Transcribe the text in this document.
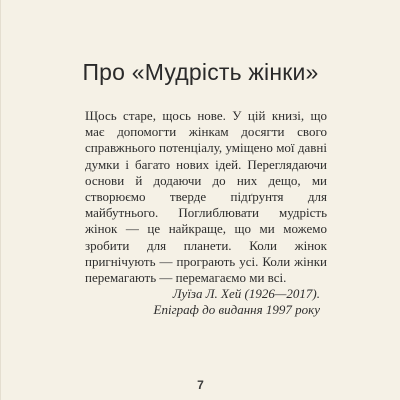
Про «Мудрість жінки»

Щось старе, щось нове. У цій книзі, що має допомогти жінкам досягти свого справжнього потенціалу, уміщено мої давні думки і багато нових ідей. Переглядаючи основи й додаючи до них дещо, ми створюємо тверде підґрунтя для майбутнього. Поглиблювати мудрість жінок — це найкраще, що ми можемо зробити для планети. Коли жінок пригнічують — програють усі. Коли жінки перемагають — перемагаємо ми всі.

Луїза Л. Хей (1926—2017).
Епіграф до видання 1997 року
7
